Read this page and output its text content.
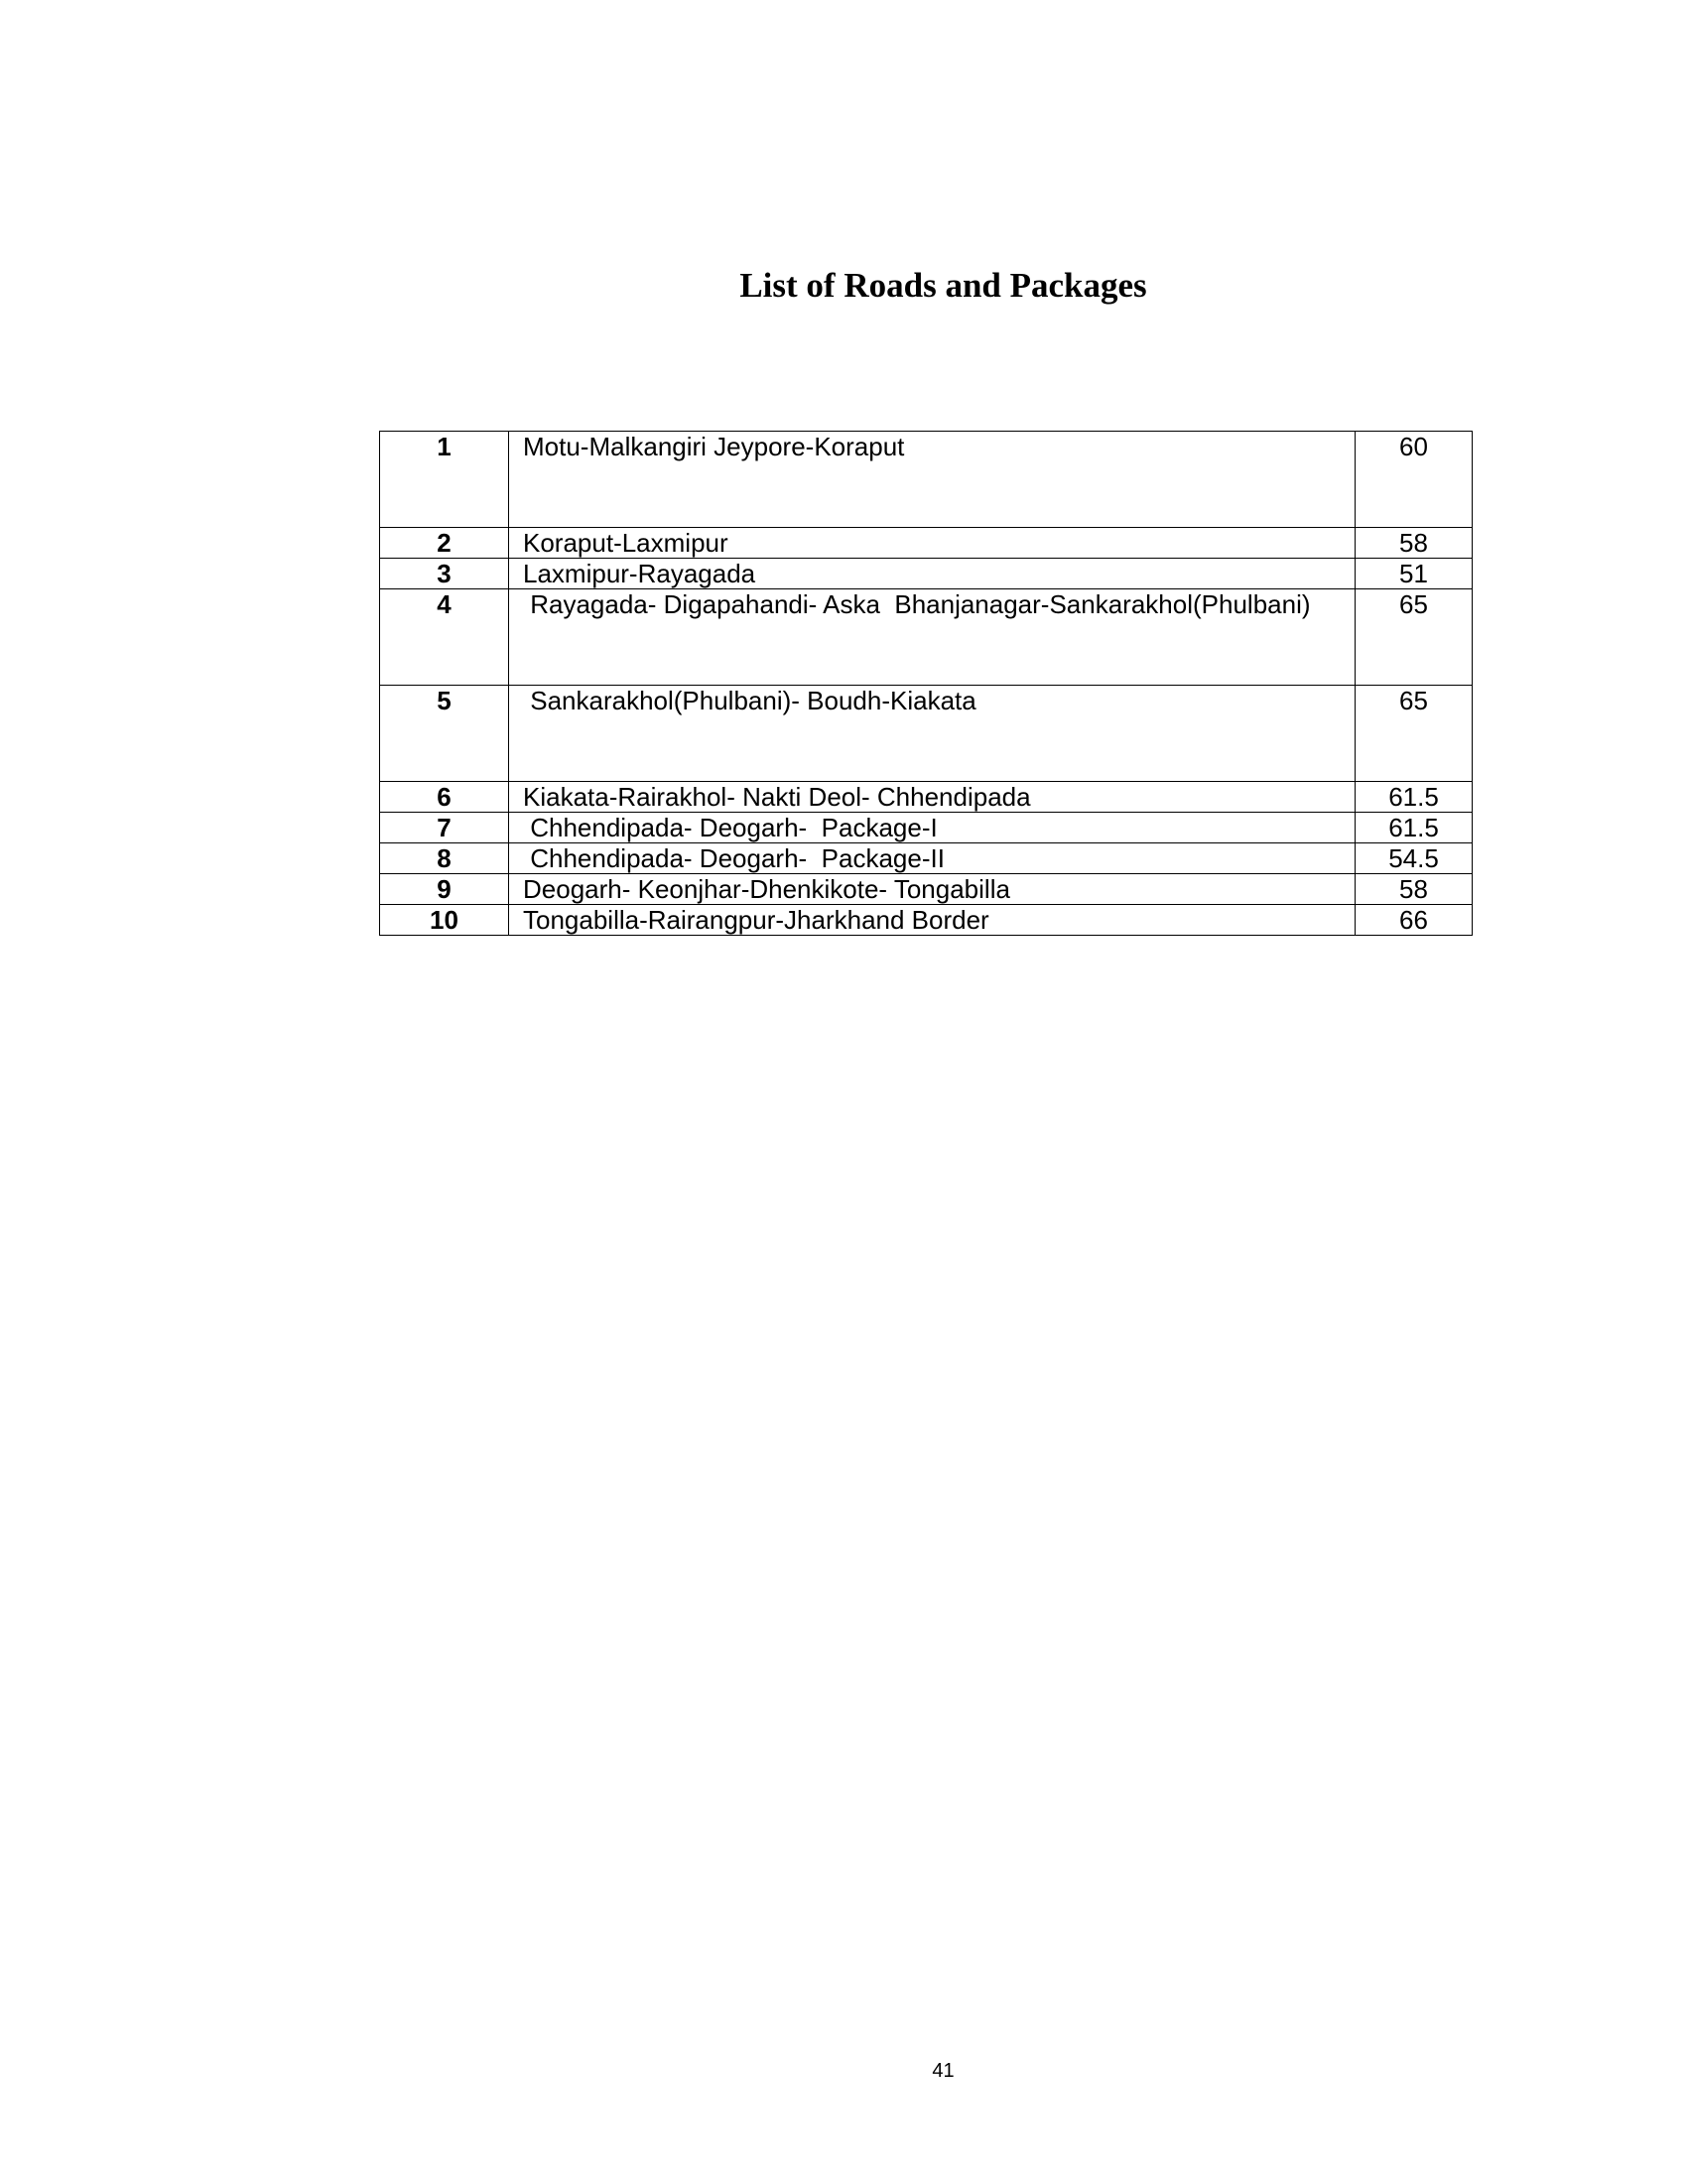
List of Roads and Packages
1	Motu-Malkangiri Jeypore-Koraput	60
2	Koraput-Laxmipur	58
3	Laxmipur-Rayagada	51
4	Rayagada- Digapahandi- Aska  Bhanjanagar-Sankarakhol(Phulbani)	65
5	Sankarakhol(Phulbani)- Boudh-Kiakata	65
6	Kiakata-Rairakhol- Nakti Deol- Chhendipada	61.5
7	Chhendipada- Deogarh-  Package-I	61.5
8	Chhendipada- Deogarh-  Package-II	54.5
9	Deogarh- Keonjhar-Dhenkikote- Tongabilla	58
10	Tongabilla-Rairangpur-Jharkhand Border	66
41
